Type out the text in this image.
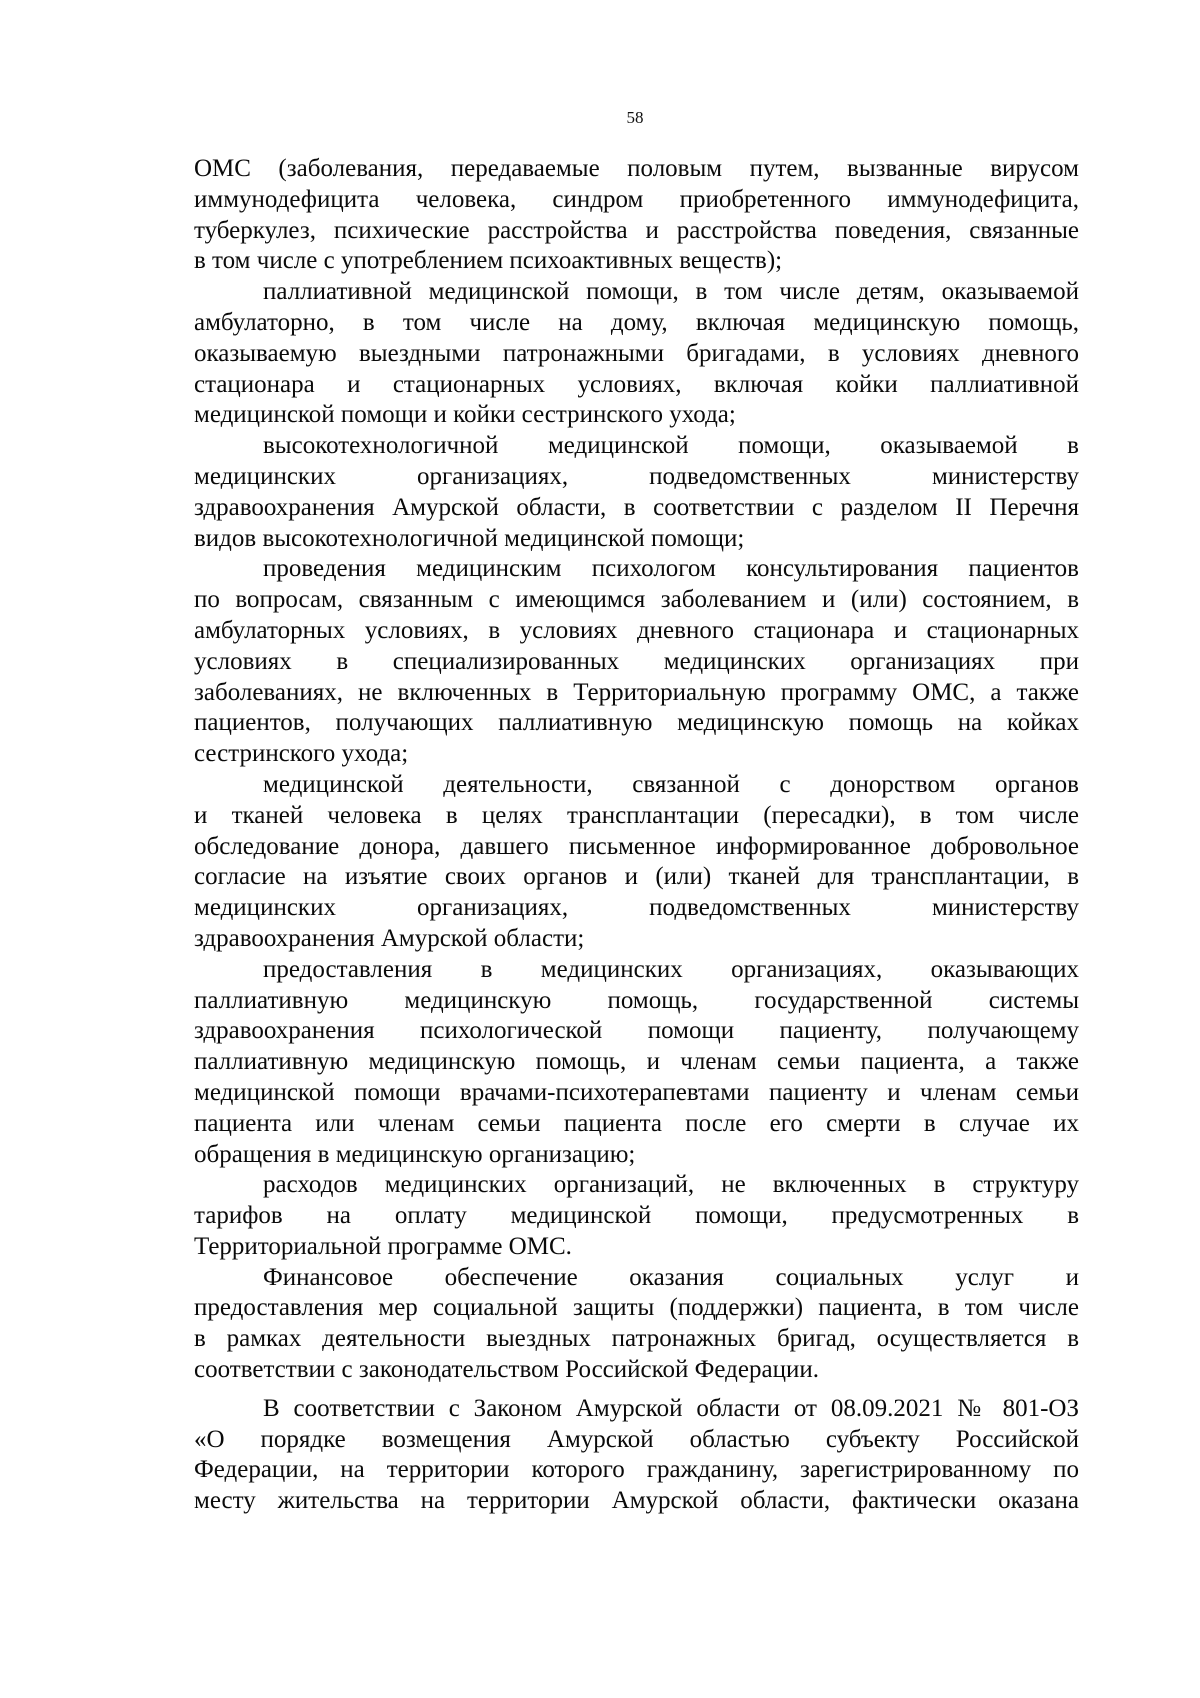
58
ОМС (заболевания, передаваемые половым путем, вызванные вирусом
иммунодефицита человека, синдром приобретенного иммунодефицита,
туберкулез, психические расстройства и расстройства поведения, связанные
в том числе с употреблением психоактивных веществ);
паллиативной медицинской помощи, в том числе детям, оказываемой
амбулаторно, в том числе на дому, включая медицинскую помощь,
оказываемую выездными патронажными бригадами, в условиях дневного
стационара и стационарных условиях, включая койки паллиативной
медицинской помощи и койки сестринского ухода;
высокотехнологичной медицинской помощи, оказываемой в
медицинских организациях, подведомственных министерству
здравоохранения Амурской области, в соответствии с разделом II Перечня
видов высокотехнологичной медицинской помощи;
проведения медицинским психологом консультирования пациентов
по вопросам, связанным с имеющимся заболеванием и (или) состоянием, в
амбулаторных условиях, в условиях дневного стационара и стационарных
условиях в специализированных медицинских организациях при
заболеваниях, не включенных в Территориальную программу ОМС, а также
пациентов, получающих паллиативную медицинскую помощь на койках
сестринского ухода;
медицинской деятельности, связанной с донорством органов
и тканей человека в целях трансплантации (пересадки), в том числе
обследование донора, давшего письменное информированное добровольное
согласие на изъятие своих органов и (или) тканей для трансплантации, в
медицинских организациях, подведомственных министерству
здравоохранения Амурской области;
предоставления в медицинских организациях, оказывающих
паллиативную медицинскую помощь, государственной системы
здравоохранения психологической помощи пациенту, получающему
паллиативную медицинскую помощь, и членам семьи пациента, а также
медицинской помощи врачами-психотерапевтами пациенту и членам семьи
пациента или членам семьи пациента после его смерти в случае их
обращения в медицинскую организацию;
расходов медицинских организаций, не включенных в структуру
тарифов на оплату медицинской помощи, предусмотренных в
Территориальной программе ОМС.
Финансовое обеспечение оказания социальных услуг и
предоставления мер социальной защиты (поддержки) пациента, в том числе
в рамках деятельности выездных патронажных бригад, осуществляется в
соответствии с законодательством Российской Федерации.
В соответствии с Законом Амурской области от 08.09.2021 № 801-ОЗ
«О порядке возмещения Амурской областью субъекту Российской
Федерации, на территории которого гражданину, зарегистрированному по
месту жительства на территории Амурской области, фактически оказана
